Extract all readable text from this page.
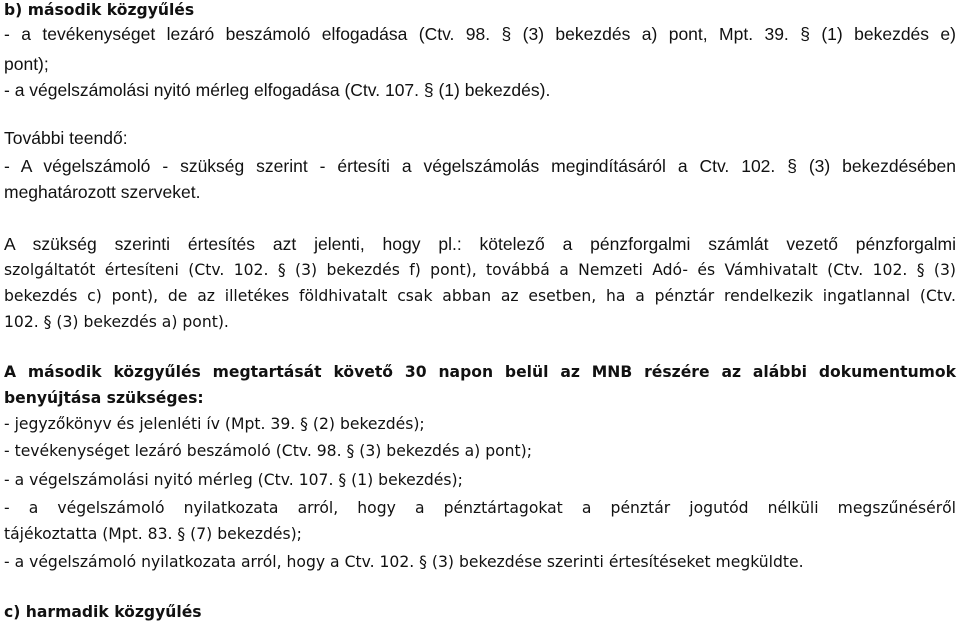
b) második közgyűlés
- a tevékenységet lezáró beszámoló elfogadása (Ctv. 98. § (3) bekezdés a) pont, Mpt. 39. § (1) bekezdés e)
pont);
- a végelszámolási nyitó mérleg elfogadása (Ctv. 107. § (1) bekezdés).
További teendő:
- A végelszámoló - szükség szerint - értesíti a végelszámolás megindításáról a Ctv. 102. § (3) bekezdésében
meghatározott szerveket.
A szükség szerinti értesítés azt jelenti, hogy pl.: kötelező a pénzforgalmi számlát vezető pénzforgalmi
szolgáltatót értesíteni (Ctv. 102. § (3) bekezdés f) pont), továbbá a Nemzeti Adó- és Vámhivatalt (Ctv. 102. § (3)
bekezdés c) pont), de az illetékes földhivatalt csak abban az esetben, ha a pénztár rendelkezik ingatlannal (Ctv.
102. § (3) bekezdés a) pont).
A második közgyűlés megtartását követő 30 napon belül az MNB részére az alábbi dokumentumok
benyújtása szükséges:
- jegyzőkönyv és jelenléti ív (Mpt. 39. § (2) bekezdés);
- tevékenységet lezáró beszámoló (Ctv. 98. § (3) bekezdés a) pont);
- a végelszámolási nyitó mérleg (Ctv. 107. § (1) bekezdés);
- a végelszámoló nyilatkozata arról, hogy a pénztártagokat a pénztár jogutód nélküli megszűnéséről
tájékoztatta (Mpt. 83. § (7) bekezdés);
- a végelszámoló nyilatkozata arról, hogy a Ctv. 102. § (3) bekezdése szerinti értesítéseket megküldte.
c) harmadik közgyűlés
